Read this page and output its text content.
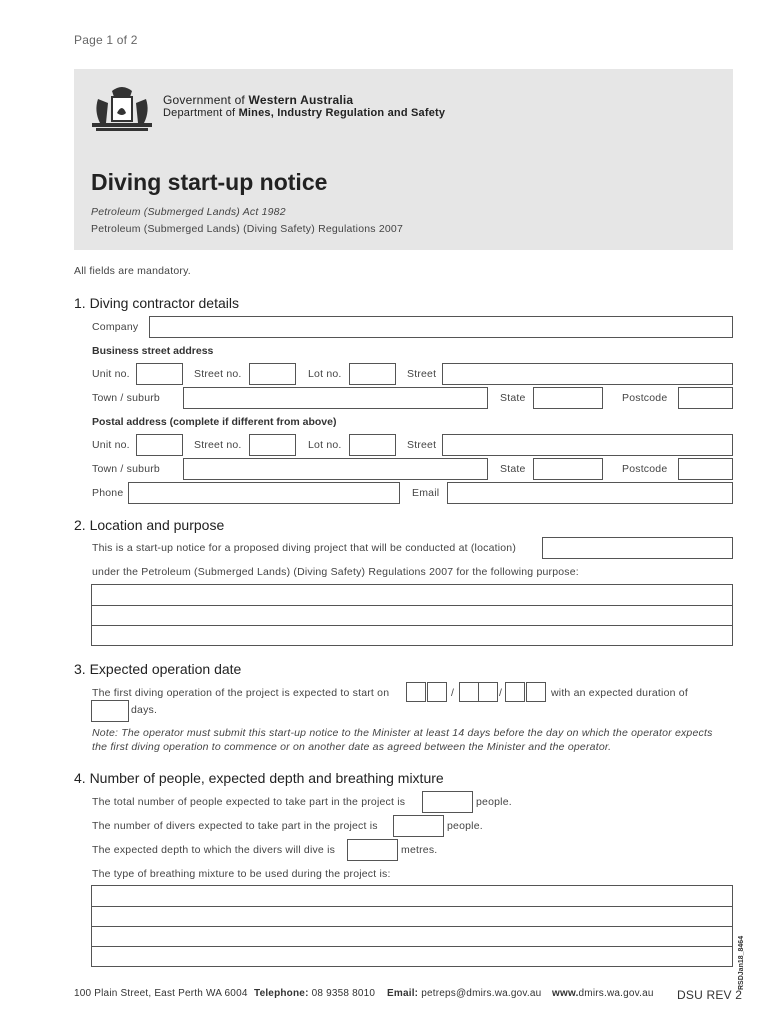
Page 1 of 2
Government of Western Australia
Department of Mines, Industry Regulation and Safety
Diving start-up notice
Petroleum (Submerged Lands) Act 1982
Petroleum (Submerged Lands) (Diving Safety) Regulations 2007
All fields are mandatory.
1. Diving contractor details
Company
Business street address
Unit no.	Street no.	Lot no.	Street
Town / suburb	State	Postcode
Postal address (complete if different from above)
Unit no.	Street no.	Lot no.	Street
Town / suburb	State	Postcode
Phone	Email
2. Location and purpose
This is a start-up notice for a proposed diving project that will be conducted at (location)
under the Petroleum (Submerged Lands) (Diving Safety) Regulations 2007 for the following purpose:
3. Expected operation date
The first diving operation of the project is expected to start on	/	/	with an expected duration of
days.
Note: The operator must submit this start-up notice to the Minister at least 14 days before the day on which the operator expects
the first diving operation to commence or on another date as agreed between the Minister and the operator.
4. Number of people, expected depth and breathing mixture
The total number of people expected to take part in the project is	people.
The number of divers expected to take part in the project is	people.
The expected depth to which the divers will dive is	metres.
The type of breathing mixture to be used during the project is:
RSDJan18_8464
100 Plain Street, East Perth WA 6004 Telephone: 08 9358 8010 Email: petreps@dmirs.wa.gov.au www.dmirs.wa.gov.au DSU REV 2
